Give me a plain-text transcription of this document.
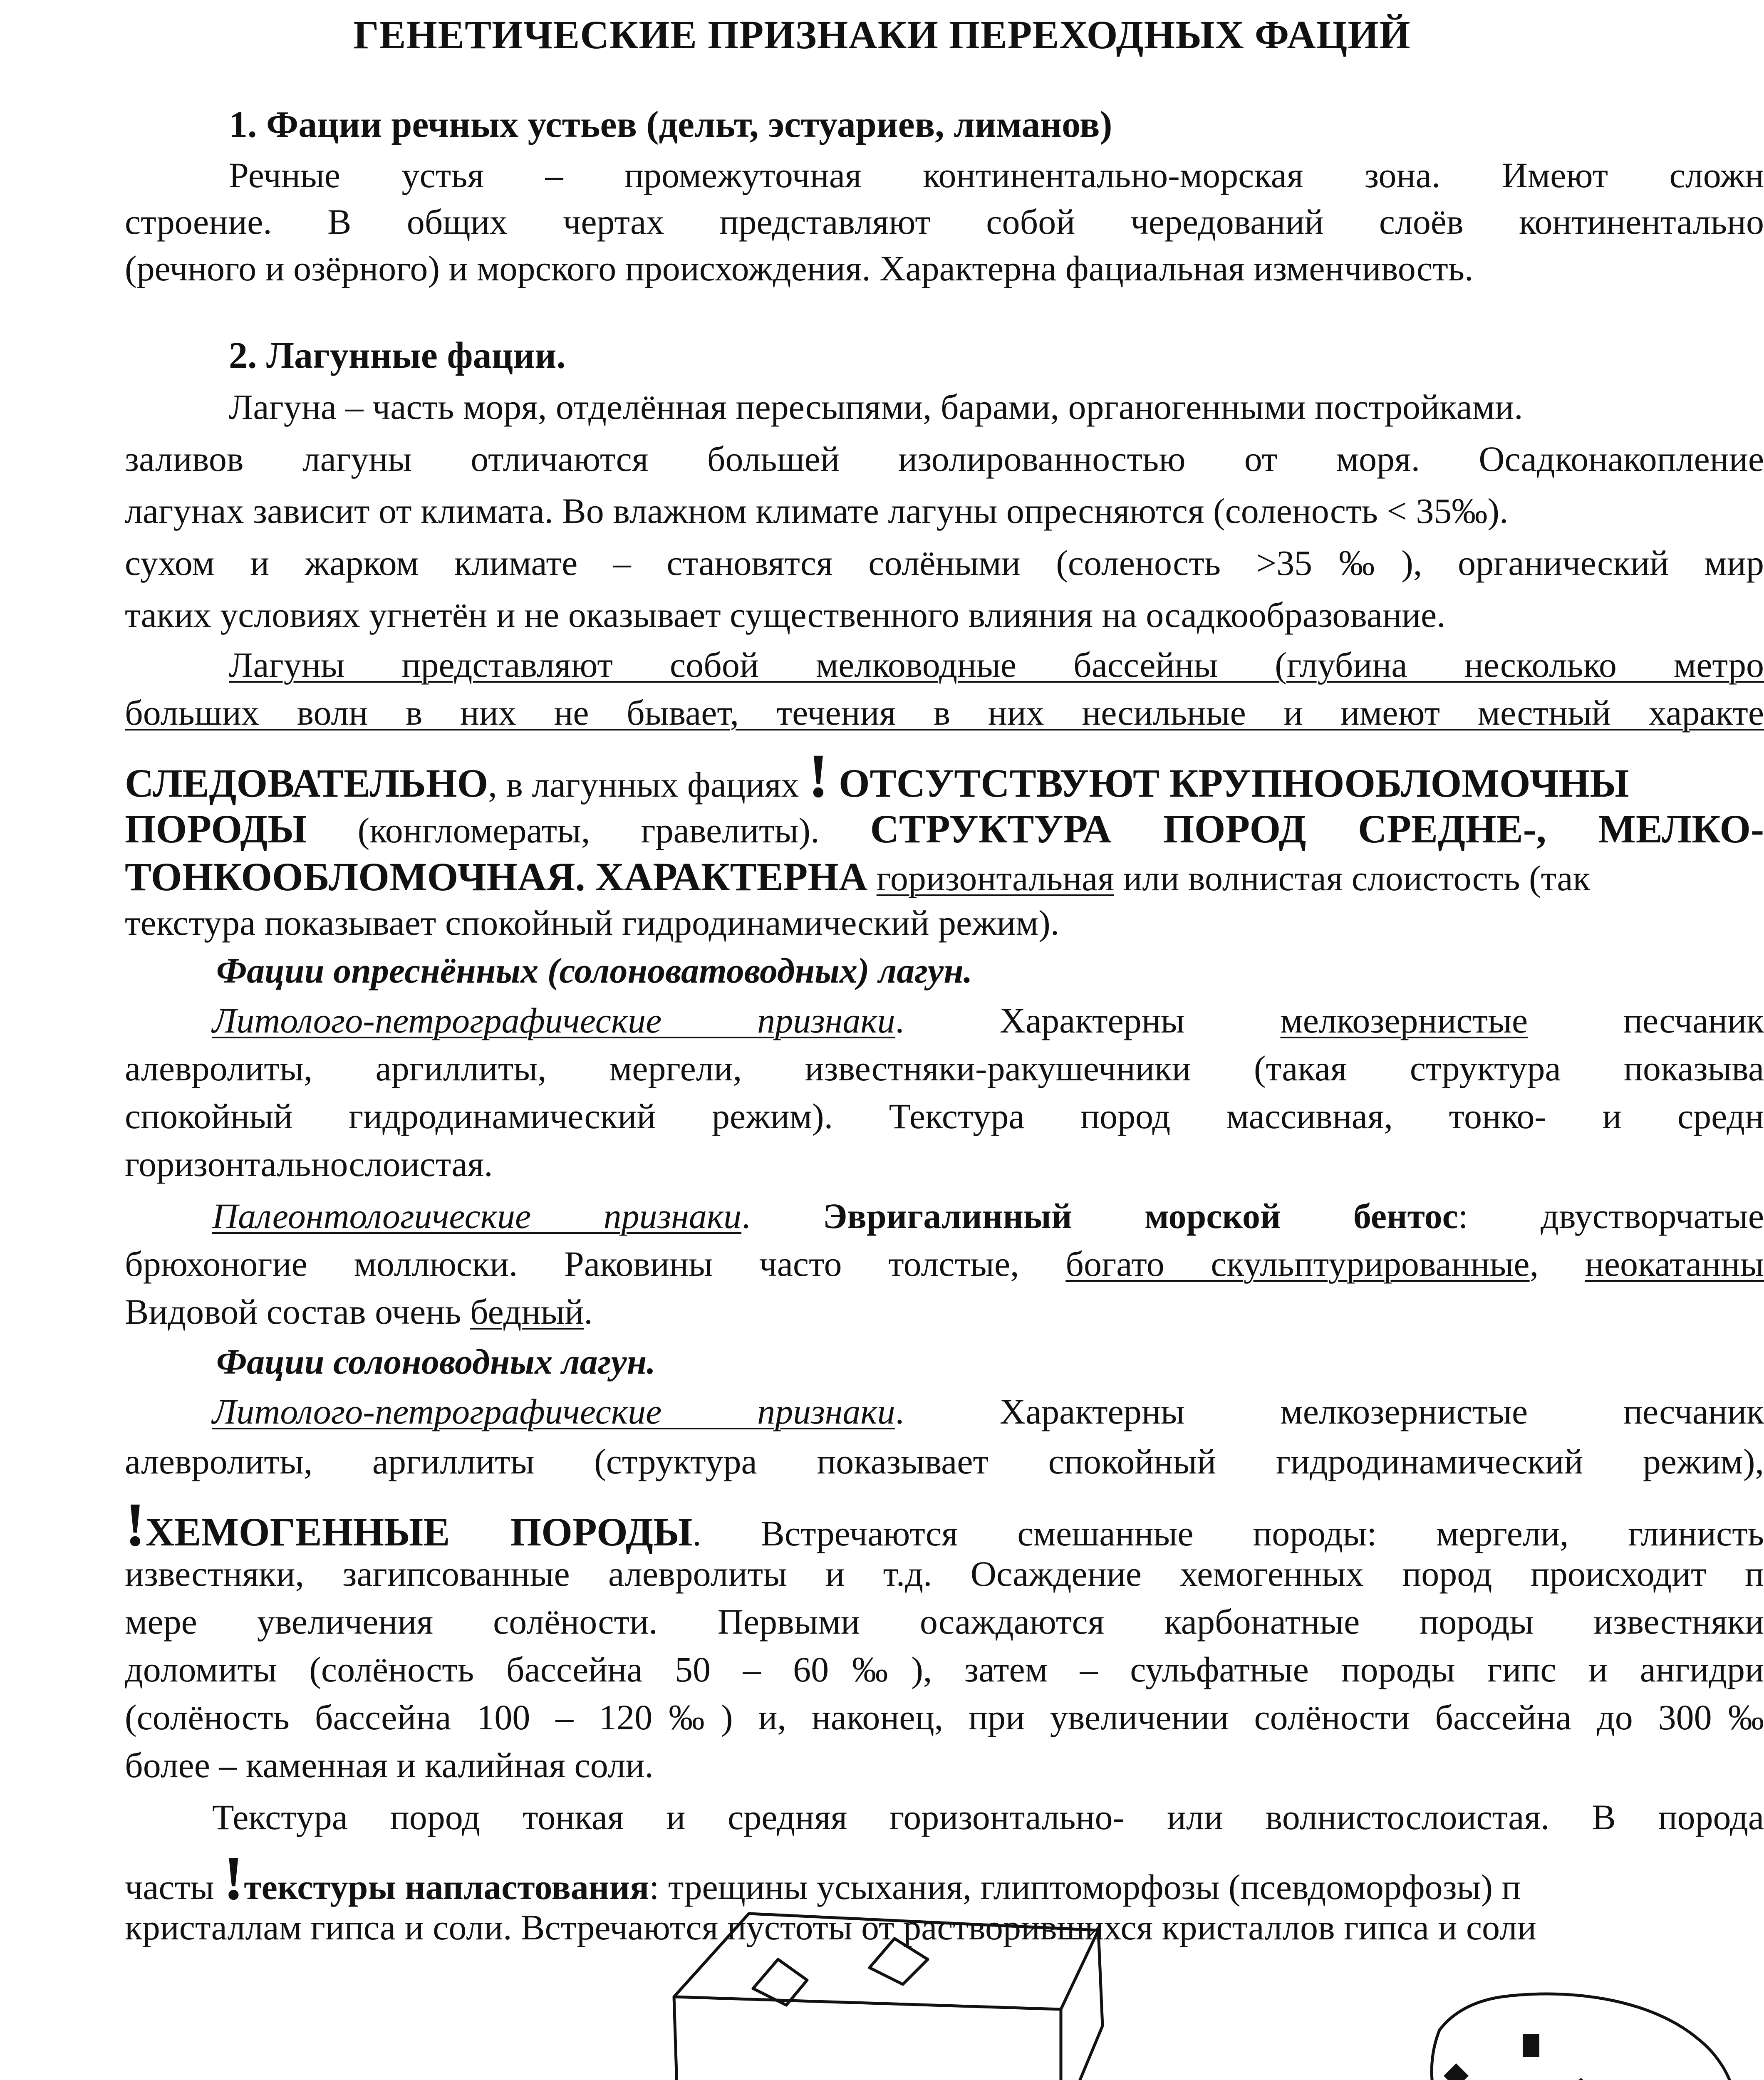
ГЕНЕТИЧЕСКИЕ ПРИЗНАКИ ПЕРЕХОДНЫХ ФАЦИЙ
1. Фации речных устьев (дельт, эстуариев, лиманов)
Речные устья – промежуточная континентально-морская зона. Имеют сложн
строение. В общих чертах представляют собой чередований слоёв континентально
(речного и озёрного) и морского происхождения. Характерна фациальная изменчивость.
2. Лагунные фации.
Лагуна – часть моря, отделённая пересыпями, барами, органогенными постройками.
заливов лагуны отличаются большей изолированностью от моря. Осадконакопление
лагунах зависит от климата. Во влажном климате лагуны опресняются (соленость < 35‰).
сухом и жарком климате – становятся солёными (соленость >35‰), органический мир
таких условиях угнетён и не оказывает существенного влияния на осадкообразование.
Лагуны представляют собой мелководные бассейны (глубина несколько метро
больших волн в них не бывает, течения в них несильные и имеют местный характе
СЛЕДОВАТЕЛЬНО, в лагунных фациях ! ОТСУТСТВУЮТ КРУПНООБЛОМОЧНЫ
ПОРОДЫ (конгломераты, гравелиты). СТРУКТУРА ПОРОД СРЕДНЕ-, МЕЛКО-
ТОНКООБЛОМОЧНАЯ. ХАРАКТЕРНА горизонтальная или волнистая слоистость (так
текстура показывает спокойный гидродинамический режим).
Фации опреснённых (солоноватоводных) лагун.
Литолого-петрографические признаки. Характерны мелкозернистые песчаник
алевролиты, аргиллиты, мергели, известняки-ракушечники (такая структура показыва
спокойный гидродинамический режим). Текстура пород массивная, тонко- и средн
горизонтальнослоистая.
Палеонтологические признаки. Эвригалинный морской бентос: двустворчатые
брюхоногие моллюски. Раковины часто толстые, богато скульптурированные, неокатанны
Видовой состав очень бедный.
Фации солоноводных лагун.
Литолого-петрографические признаки. Характерны мелкозернистые песчаник
алевролиты, аргиллиты (структура показывает спокойный гидродинамический режим),
!ХЕМОГЕННЫЕ ПОРОДЫ. Встречаются смешанные породы: мергели, глинисть
известняки, загипсованные алевролиты и т.д. Осаждение хемогенных пород происходит п
мере увеличения солёности. Первыми осаждаются карбонатные породы известняки
доломиты (солёность бассейна 50 – 60‰), затем – сульфатные породы гипс и ангидри
(солёность бассейна 100 – 120‰) и, наконец, при увеличении солёности бассейна до 300‰
более – каменная и калийная соли.
Текстура пород тонкая и средняя горизонтально- или волнистослоистая. В порода
часты !текстуры напластования: трещины усыхания, глиптоморфозы (псевдоморфозы) п
кристаллам гипса и соли. Встречаются пустоты от растворившихся кристаллов гипса и соли
